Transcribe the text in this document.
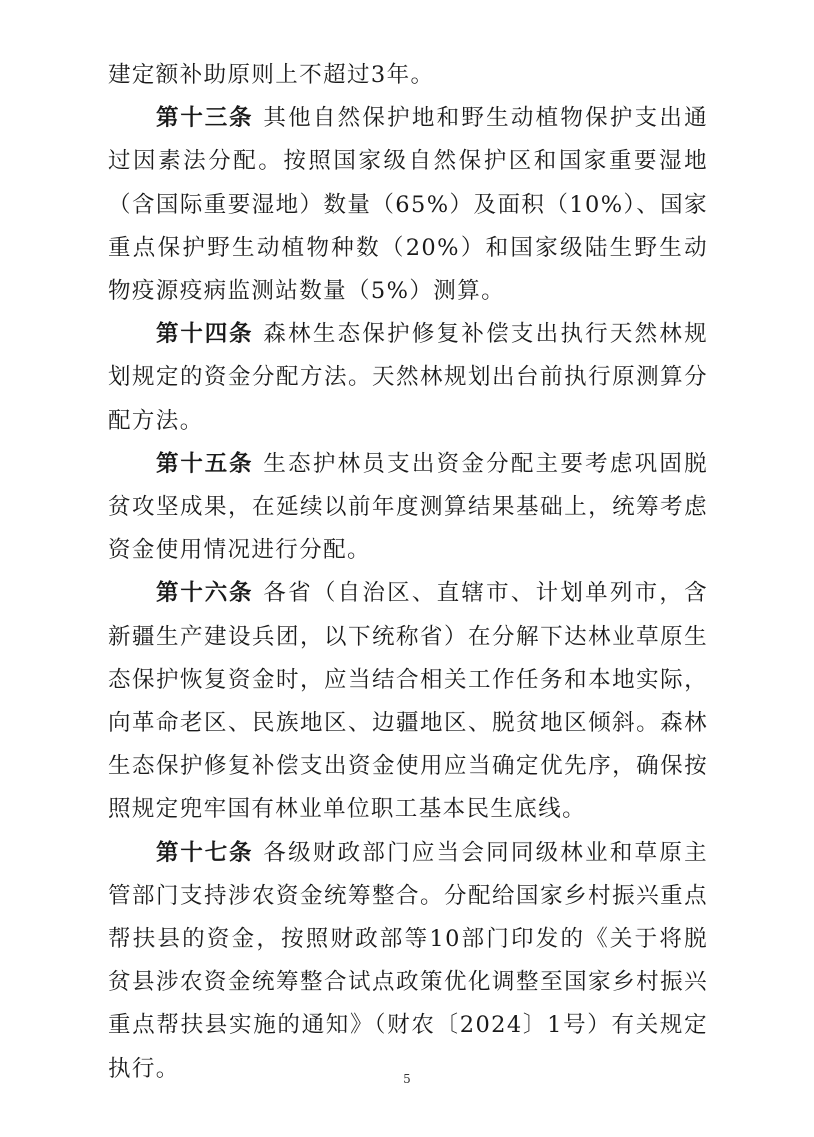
建定额补助原则上不超过3年。

第十三条 其他自然保护地和野生动植物保护支出通过因素法分配。按照国家级自然保护区和国家重要湿地（含国际重要湿地）数量（65%）及面积（10%）、国家重点保护野生动植物种数（20%）和国家级陆生野生动物疫源疫病监测站数量（5%）测算。

第十四条 森林生态保护修复补偿支出执行天然林规划规定的资金分配方法。天然林规划出台前执行原测算分配方法。

第十五条 生态护林员支出资金分配主要考虑巩固脱贫攻坚成果，在延续以前年度测算结果基础上，统筹考虑资金使用情况进行分配。

第十六条 各省（自治区、直辖市、计划单列市，含新疆生产建设兵团，以下统称省）在分解下达林业草原生态保护恢复资金时，应当结合相关工作任务和本地实际，向革命老区、民族地区、边疆地区、脱贫地区倾斜。森林生态保护修复补偿支出资金使用应当确定优先序，确保按照规定兜牢国有林业单位职工基本民生底线。

第十七条 各级财政部门应当会同同级林业和草原主管部门支持涉农资金统筹整合。分配给国家乡村振兴重点帮扶县的资金，按照财政部等10部门印发的《关于将脱贫县涉农资金统筹整合试点政策优化调整至国家乡村振兴重点帮扶县实施的通知》（财农〔2024〕1号）有关规定执行。	5
